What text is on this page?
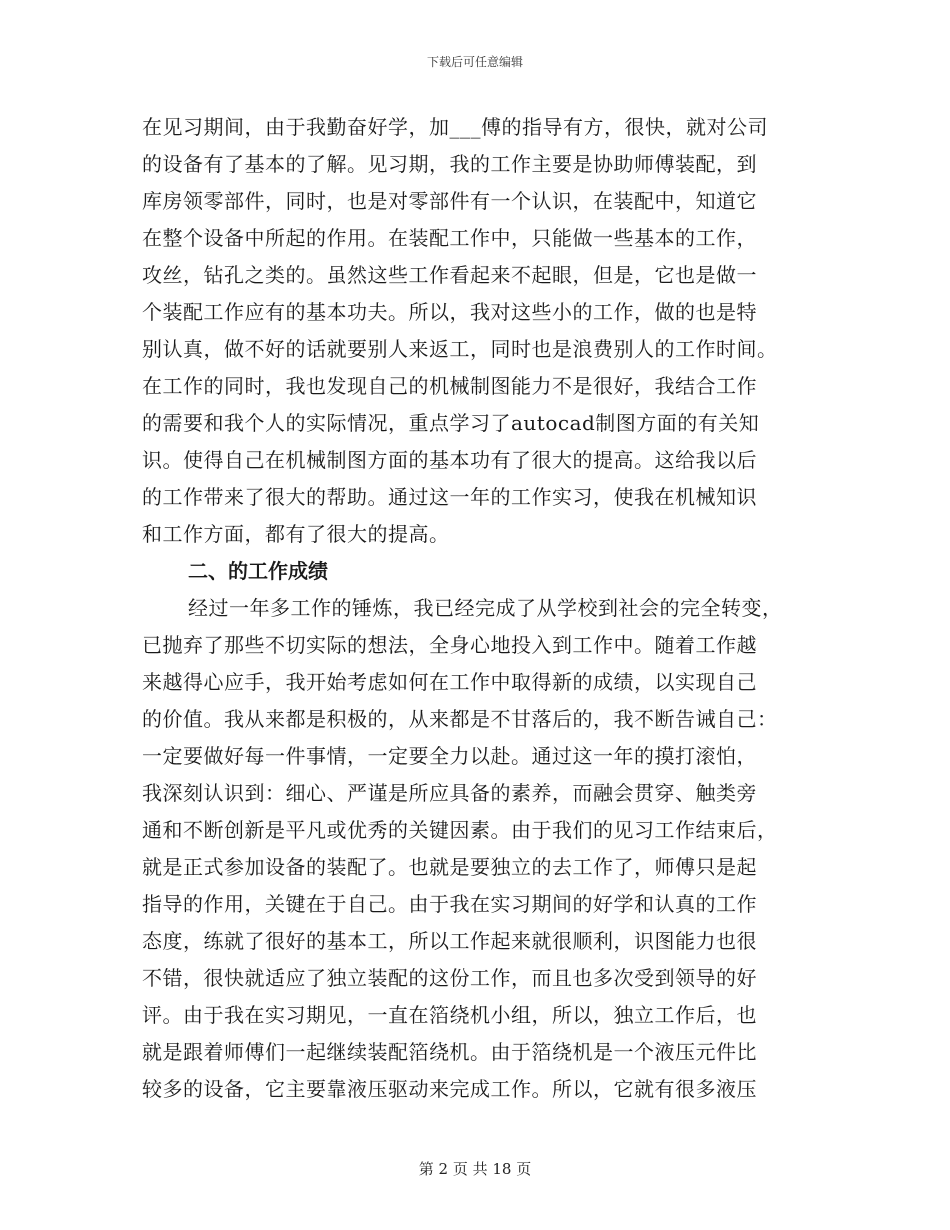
下载后可任意编辑
在见习期间，由于我勤奋好学，加___傅的指导有方，很快，就对公司
的设备有了基本的了解。见习期，我的工作主要是协助师傅装配，到
库房领零部件，同时，也是对零部件有一个认识，在装配中，知道它
在整个设备中所起的作用。在装配工作中，只能做一些基本的工作，
攻丝，钻孔之类的。虽然这些工作看起来不起眼，但是，它也是做一
个装配工作应有的基本功夫。所以，我对这些小的工作，做的也是特
别认真，做不好的话就要别人来返工，同时也是浪费别人的工作时间。
在工作的同时，我也发现自己的机械制图能力不是很好，我结合工作
的需要和我个人的实际情况，重点学习了autocad制图方面的有关知
识。使得自己在机械制图方面的基本功有了很大的提高。这给我以后
的工作带来了很大的帮助。通过这一年的工作实习，使我在机械知识
和工作方面，都有了很大的提高。
二、的工作成绩
经过一年多工作的锤炼，我已经完成了从学校到社会的完全转变，
已抛弃了那些不切实际的想法，全身心地投入到工作中。随着工作越
来越得心应手，我开始考虑如何在工作中取得新的成绩，以实现自己
的价值。我从来都是积极的，从来都是不甘落后的，我不断告诫自己：
一定要做好每一件事情，一定要全力以赴。通过这一年的摸打滚怕，
我深刻认识到：细心、严谨是所应具备的素养，而融会贯穿、触类旁
通和不断创新是平凡或优秀的关键因素。由于我们的见习工作结束后，
就是正式参加设备的装配了。也就是要独立的去工作了，师傅只是起
指导的作用，关键在于自己。由于我在实习期间的好学和认真的工作
态度，练就了很好的基本工，所以工作起来就很顺利，识图能力也很
不错，很快就适应了独立装配的这份工作，而且也多次受到领导的好
评。由于我在实习期见，一直在箔绕机小组，所以，独立工作后，也
就是跟着师傅们一起继续装配箔绕机。由于箔绕机是一个液压元件比
较多的设备，它主要靠液压驱动来完成工作。所以，它就有很多液压
第 2 页 共 18 页
